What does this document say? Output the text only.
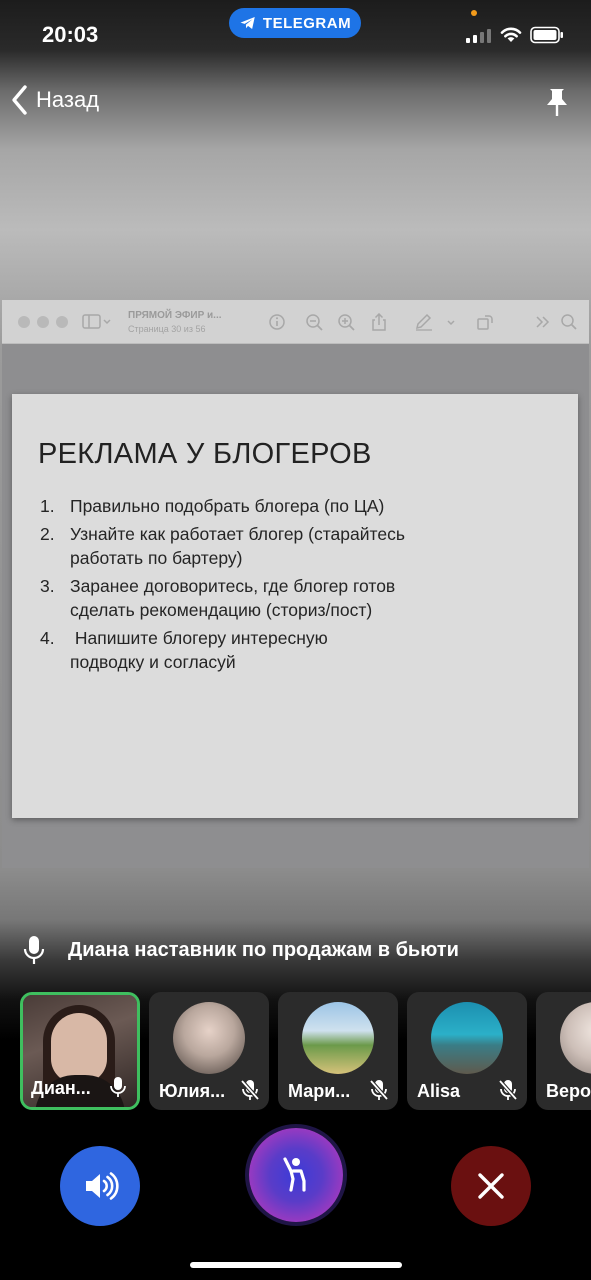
20:03	TELEGRAM
Назад
ПРЯМОЙ ЭФИР и...
Страница 30 из 56
РЕКЛАМА У БЛОГЕРОВ
1. Правильно подобрать блогера (по ЦА)
2. Узнайте как работает блогер (старайтесь работать по бартеру)
3. Заранее договоритесь, где блогер готов сделать рекомендацию (сториз/пост)
4. Напишите блогеру интересную подводку и согласуй
Диана наставник по продажам в бьюти
Диан...	Юлия...	Мари...	Alisa	Веро
